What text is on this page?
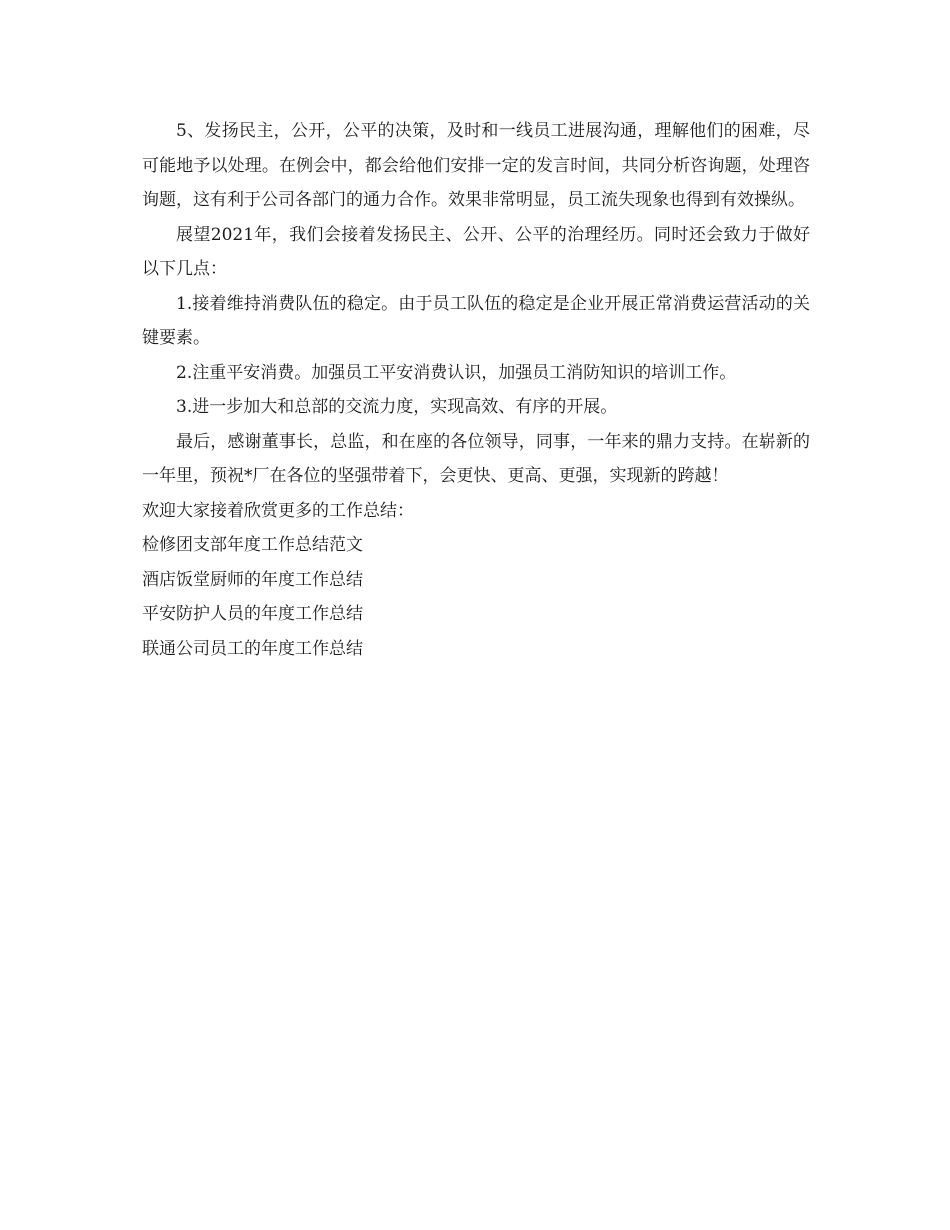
5、发扬民主，公开，公平的决策，及时和一线员工进展沟通，理解他们的困难，尽可能地予以处理。在例会中，都会给他们安排一定的发言时间，共同分析咨询题，处理咨询题，这有利于公司各部门的通力合作。效果非常明显，员工流失现象也得到有效操纵。

展望2021年，我们会接着发扬民主、公开、公平的治理经历。同时还会致力于做好以下几点：

1.接着维持消费队伍的稳定。由于员工队伍的稳定是企业开展正常消费运营活动的关键要素。

2.注重平安消费。加强员工平安消费认识，加强员工消防知识的培训工作。

3.进一步加大和总部的交流力度，实现高效、有序的开展。

最后，感谢董事长，总监，和在座的各位领导，同事，一年来的鼎力支持。在崭新的一年里，预祝*厂在各位的坚强带着下，会更快、更高、更强，实现新的跨越！

欢迎大家接着欣赏更多的工作总结：

检修团支部年度工作总结范文

酒店饭堂厨师的年度工作总结

平安防护人员的年度工作总结

联通公司员工的年度工作总结
